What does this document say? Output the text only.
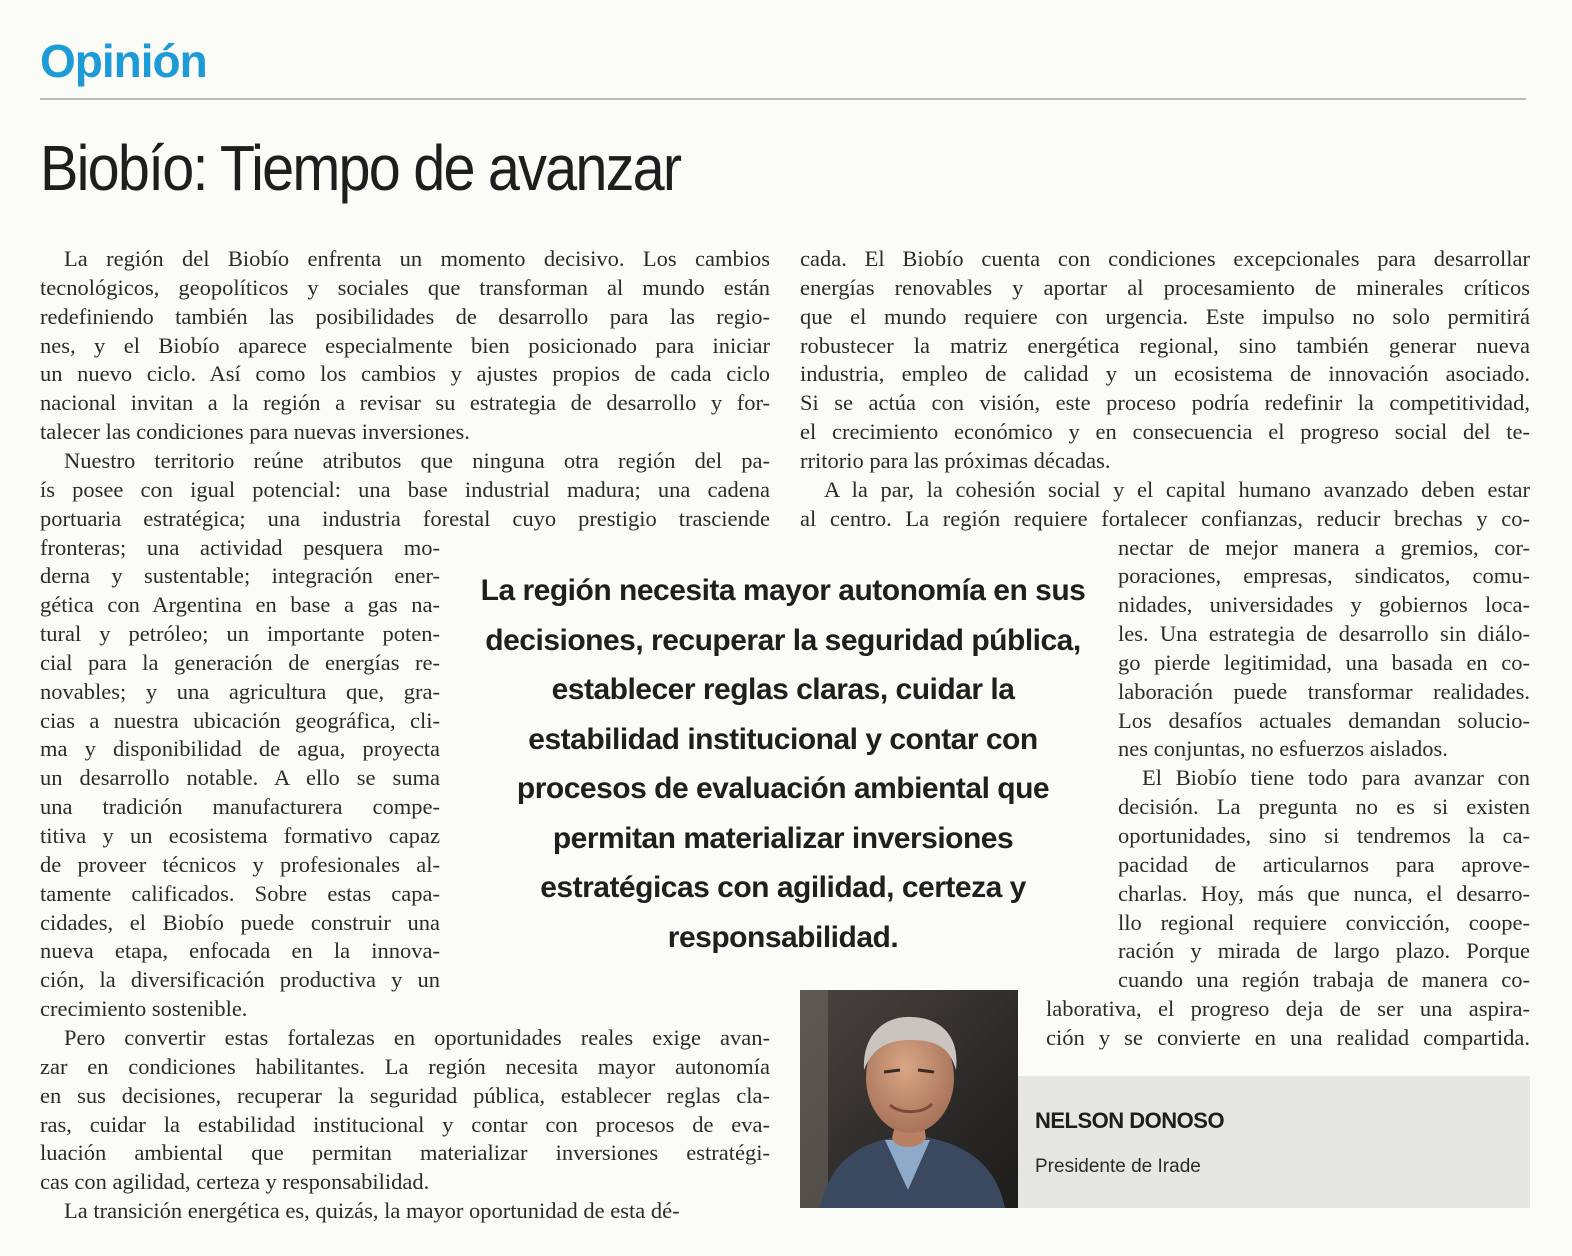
Opinión
Biobío: Tiempo de avanzar
La región del Biobío enfrenta un momento decisivo. Los cambios
tecnológicos, geopolíticos y sociales que transforman al mundo están
redefiniendo también las posibilidades de desarrollo para las regio-
nes, y el Biobío aparece especialmente bien posicionado para iniciar
un nuevo ciclo. Así como los cambios y ajustes propios de cada ciclo
nacional invitan a la región a revisar su estrategia de desarrollo y for-
talecer las condiciones para nuevas inversiones.
Nuestro territorio reúne atributos que ninguna otra región del pa-
ís posee con igual potencial: una base industrial madura; una cadena
portuaria estratégica; una industria forestal cuyo prestigio trasciende
fronteras; una actividad pesquera mo-
derna y sustentable; integración ener-
gética con Argentina en base a gas na-
tural y petróleo; un importante poten-
cial para la generación de energías re-
novables; y una agricultura que, gra-
cias a nuestra ubicación geográfica, cli-
ma y disponibilidad de agua, proyecta
un desarrollo notable. A ello se suma
una tradición manufacturera compe-
titiva y un ecosistema formativo capaz
de proveer técnicos y profesionales al-
tamente calificados. Sobre estas capa-
cidades, el Biobío puede construir una
nueva etapa, enfocada en la innova-
ción, la diversificación productiva y un
crecimiento sostenible.
Pero convertir estas fortalezas en oportunidades reales exige avan-
zar en condiciones habilitantes. La región necesita mayor autonomía
en sus decisiones, recuperar la seguridad pública, establecer reglas cla-
ras, cuidar la estabilidad institucional y contar con procesos de eva-
luación ambiental que permitan materializar inversiones estratégi-
cas con agilidad, certeza y responsabilidad.
La transición energética es, quizás, la mayor oportunidad de esta dé-
cada. El Biobío cuenta con condiciones excepcionales para desarrollar
energías renovables y aportar al procesamiento de minerales críticos
que el mundo requiere con urgencia. Este impulso no solo permitirá
robustecer la matriz energética regional, sino también generar nueva
industria, empleo de calidad y un ecosistema de innovación asociado.
Si se actúa con visión, este proceso podría redefinir la competitividad,
el crecimiento económico y en consecuencia el progreso social del te-
rritorio para las próximas décadas.
A la par, la cohesión social y el capital humano avanzado deben estar
al centro. La región requiere fortalecer confianzas, reducir brechas y co-
nectar de mejor manera a gremios, cor-
poraciones, empresas, sindicatos, comu-
nidades, universidades y gobiernos loca-
les. Una estrategia de desarrollo sin diálo-
go pierde legitimidad, una basada en co-
laboración puede transformar realidades.
Los desafíos actuales demandan solucio-
nes conjuntas, no esfuerzos aislados.
El Biobío tiene todo para avanzar con
decisión. La pregunta no es si existen
oportunidades, sino si tendremos la ca-
pacidad de articularnos para aprove-
charlas. Hoy, más que nunca, el desarro-
llo regional requiere convicción, coope-
ración y mirada de largo plazo. Porque
cuando una región trabaja de manera co-
laborativa, el progreso deja de ser una aspira-
ción y se convierte en una realidad compartida.
La región necesita mayor autonomía en sus decisiones, recuperar la seguridad pública, establecer reglas claras, cuidar la estabilidad institucional y contar con procesos de evaluación ambiental que permitan materializar inversiones estratégicas con agilidad, certeza y responsabilidad.
NELSON DONOSO
Presidente de Irade
